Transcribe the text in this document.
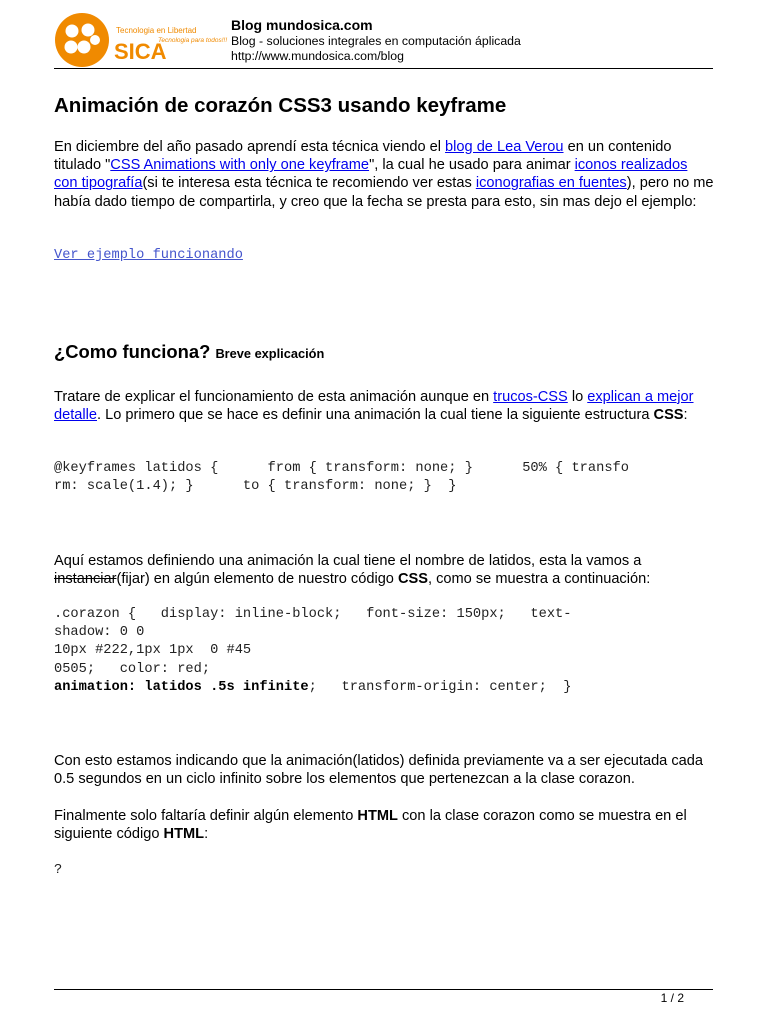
Tecnologia en Libertad
SICA
Tecnologia para todos!!!
Blog mundosica.com
Blog - soluciones integrales en computación áplicada
http://www.mundosica.com/blog
Animación de corazón CSS3 usando keyframe

En diciembre del año pasado aprendí esta técnica viendo el blog de Lea Verou en un contenido titulado "CSS Animations with only one keyframe", la cual he usado para animar iconos realizados con tipografía(si te interesa esta técnica te recomiendo ver estas iconografias en fuentes), pero no me había dado tiempo de compartirla, y creo que la fecha se presta para esto, sin mas dejo el ejemplo:

Ver ejemplo funcionando
¿Como funciona? Breve explicación

Tratare de explicar el funcionamiento de esta animación aunque en trucos-CSS lo explican a mejor detalle. Lo primero que se hace es definir una animación la cual tiene la siguiente estructura CSS:

@keyframes latidos {      from { transform: none; }      50% { transfo
rm: scale(1.4); }      to { transform: none; }  }

Aquí estamos definiendo una animación la cual tiene el nombre de latidos, esta la vamos a instanciar(fijar) en algún elemento de nuestro código CSS, como se muestra a continuación:

.corazon {   display: inline-block;   font-size: 150px;   text-
shadow: 0 0
10px #222,1px 1px  0 #45
0505;   color: red;
animation: latidos .5s infinite;   transform-origin: center;  }

Con esto estamos indicando que la animación(latidos) definida previamente va a ser ejecutada cada 0.5 segundos en un ciclo infinito sobre los elementos que pertenezcan a la clase corazon.

Finalmente solo faltaría definir algún elemento HTML con la clase corazon como se muestra en el siguiente código HTML:

?
1 / 2
